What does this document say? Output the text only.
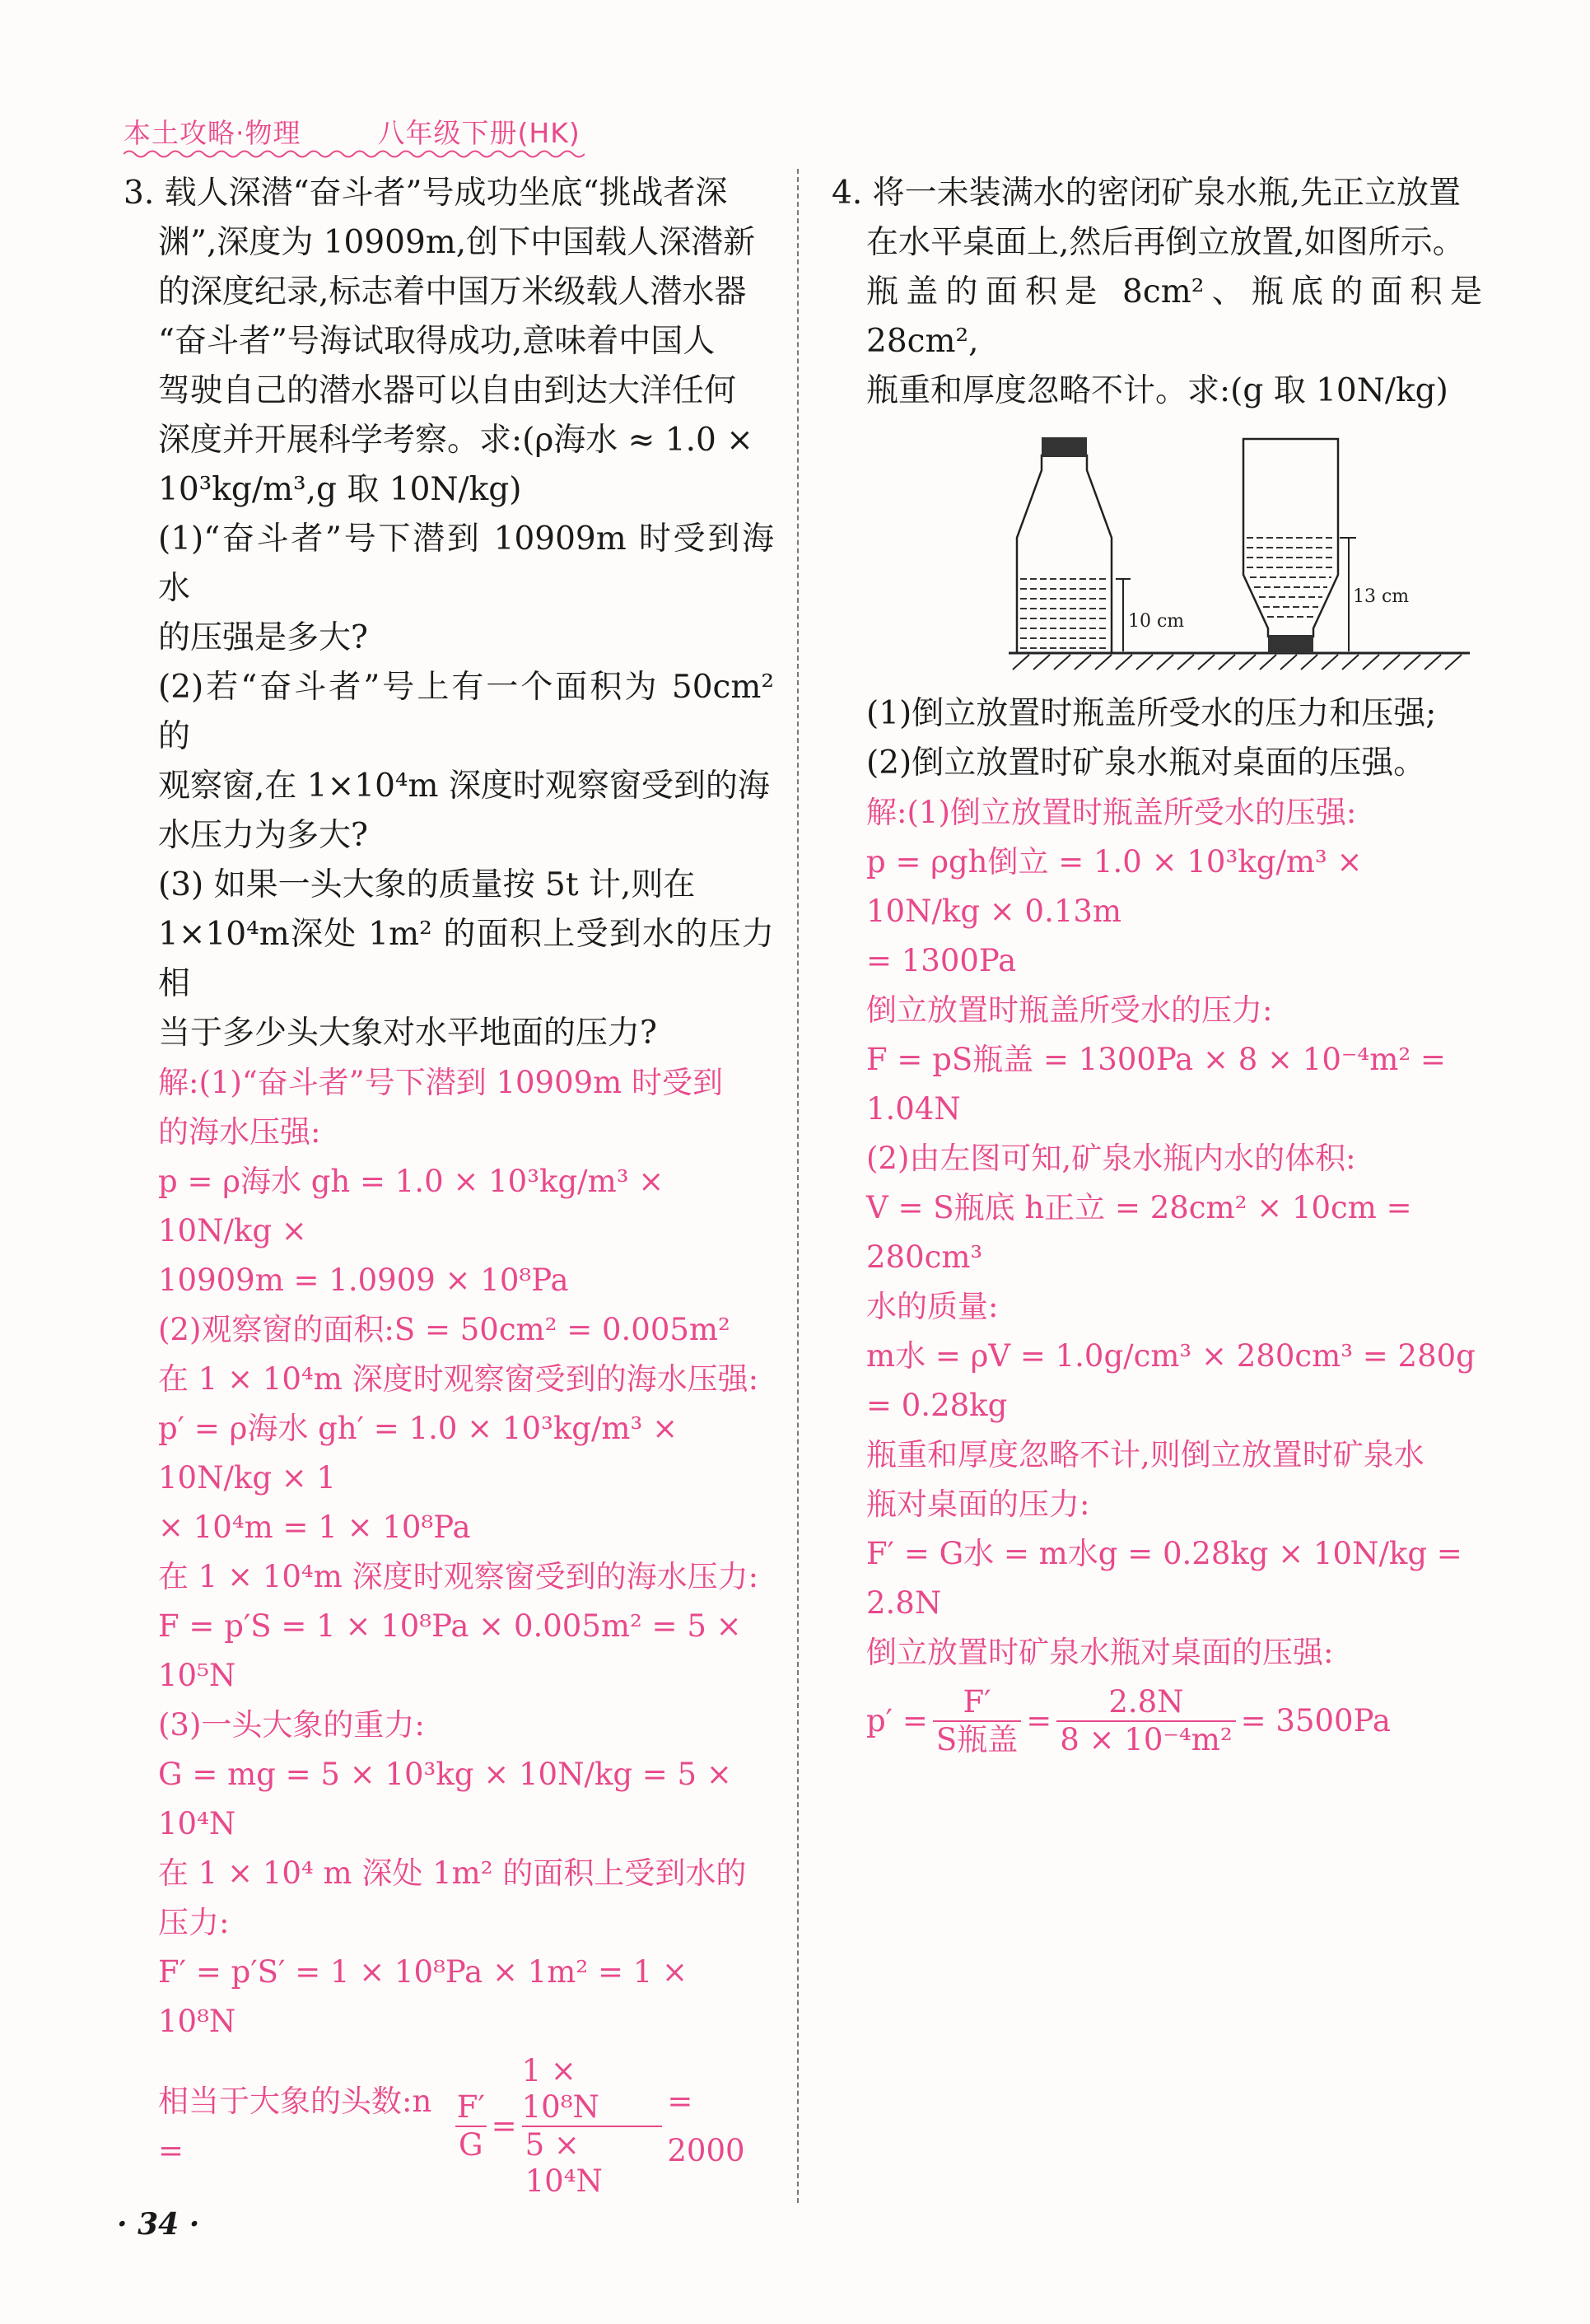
本土攻略·物理	八年级下册(HK)

3. 载人深潜“奋斗者”号成功坐底“挑战者深

渊”,深度为 10909m,创下中国载人深潜新

的深度纪录,标志着中国万米级载人潜水器

“奋斗者”号海试取得成功,意味着中国人

驾驶自己的潜水器可以自由到达大洋任何

深度并开展科学考察。求:(ρ海水 ≈ 1.0 ×

10³kg/m³,g 取 10N/kg)

(1)“奋斗者”号下潜到 10909m 时受到海水

的压强是多大?

(2)若“奋斗者”号上有一个面积为 50cm² 的

观察窗,在 1×10⁴m 深度时观察窗受到的海

水压力为多大?

(3) 如果一头大象的质量按 5t 计,则在

1×10⁴m深处 1m² 的面积上受到水的压力相

当于多少头大象对水平地面的压力?

解:(1)“奋斗者”号下潜到 10909m 时受到

的海水压强:

p = ρ海水 gh = 1.0 × 10³kg/m³ × 10N/kg ×

10909m = 1.0909 × 10⁸Pa

(2)观察窗的面积:S = 50cm² = 0.005m²

在 1 × 10⁴m 深度时观察窗受到的海水压强:

p′ = ρ海水 gh′ = 1.0 × 10³kg/m³ × 10N/kg × 1

× 10⁴m = 1 × 10⁸Pa

在 1 × 10⁴m 深度时观察窗受到的海水压力:

F = p′S = 1 × 10⁸Pa × 0.005m² = 5 × 10⁵N

(3)一头大象的重力:

G = mg = 5 × 10³kg × 10N/kg = 5 × 10⁴N

在 1 × 10⁴ m 深处 1m² 的面积上受到水的

压力:

F′ = p′S′ = 1 × 10⁸Pa × 1m² = 1 × 10⁸N

相当于大象的头数:n =	$\frac{F'}{G} = \frac{\text{1 × 10⁸N}}{\text{5 × 10⁴N}} = 2000$

4. 将一未装满水的密闭矿泉水瓶,先正立放置

在水平桌面上,然后再倒立放置,如图所示。

瓶盖的面积是 8cm²、瓶底的面积是 28cm²,

瓶重和厚度忽略不计。求:(g 取 10N/kg)

10 cm
13 cm

(1)倒立放置时瓶盖所受水的压力和压强;

(2)倒立放置时矿泉水瓶对桌面的压强。

解:(1)倒立放置时瓶盖所受水的压强:

p = ρgh倒立 = 1.0 × 10³kg/m³ × 10N/kg × 0.13m

= 1300Pa

倒立放置时瓶盖所受水的压力:

F = pS瓶盖 = 1300Pa × 8 × 10⁻⁴m² = 1.04N

(2)由左图可知,矿泉水瓶内水的体积:

V = S瓶底 h正立 = 28cm² × 10cm = 280cm³

水的质量:

m水 = ρV = 1.0g/cm³ × 280cm³ = 280g

= 0.28kg

瓶重和厚度忽略不计,则倒立放置时矿泉水

瓶对桌面的压力:

F′ = G水 = m水g = 0.28kg × 10N/kg = 2.8N

倒立放置时矿泉水瓶对桌面的压强:

p′ =
F′
S瓶盖
= $\frac{2.8N}{\text{8 × 10⁻⁴m²}} = 3500Pa$
· 34 ·
